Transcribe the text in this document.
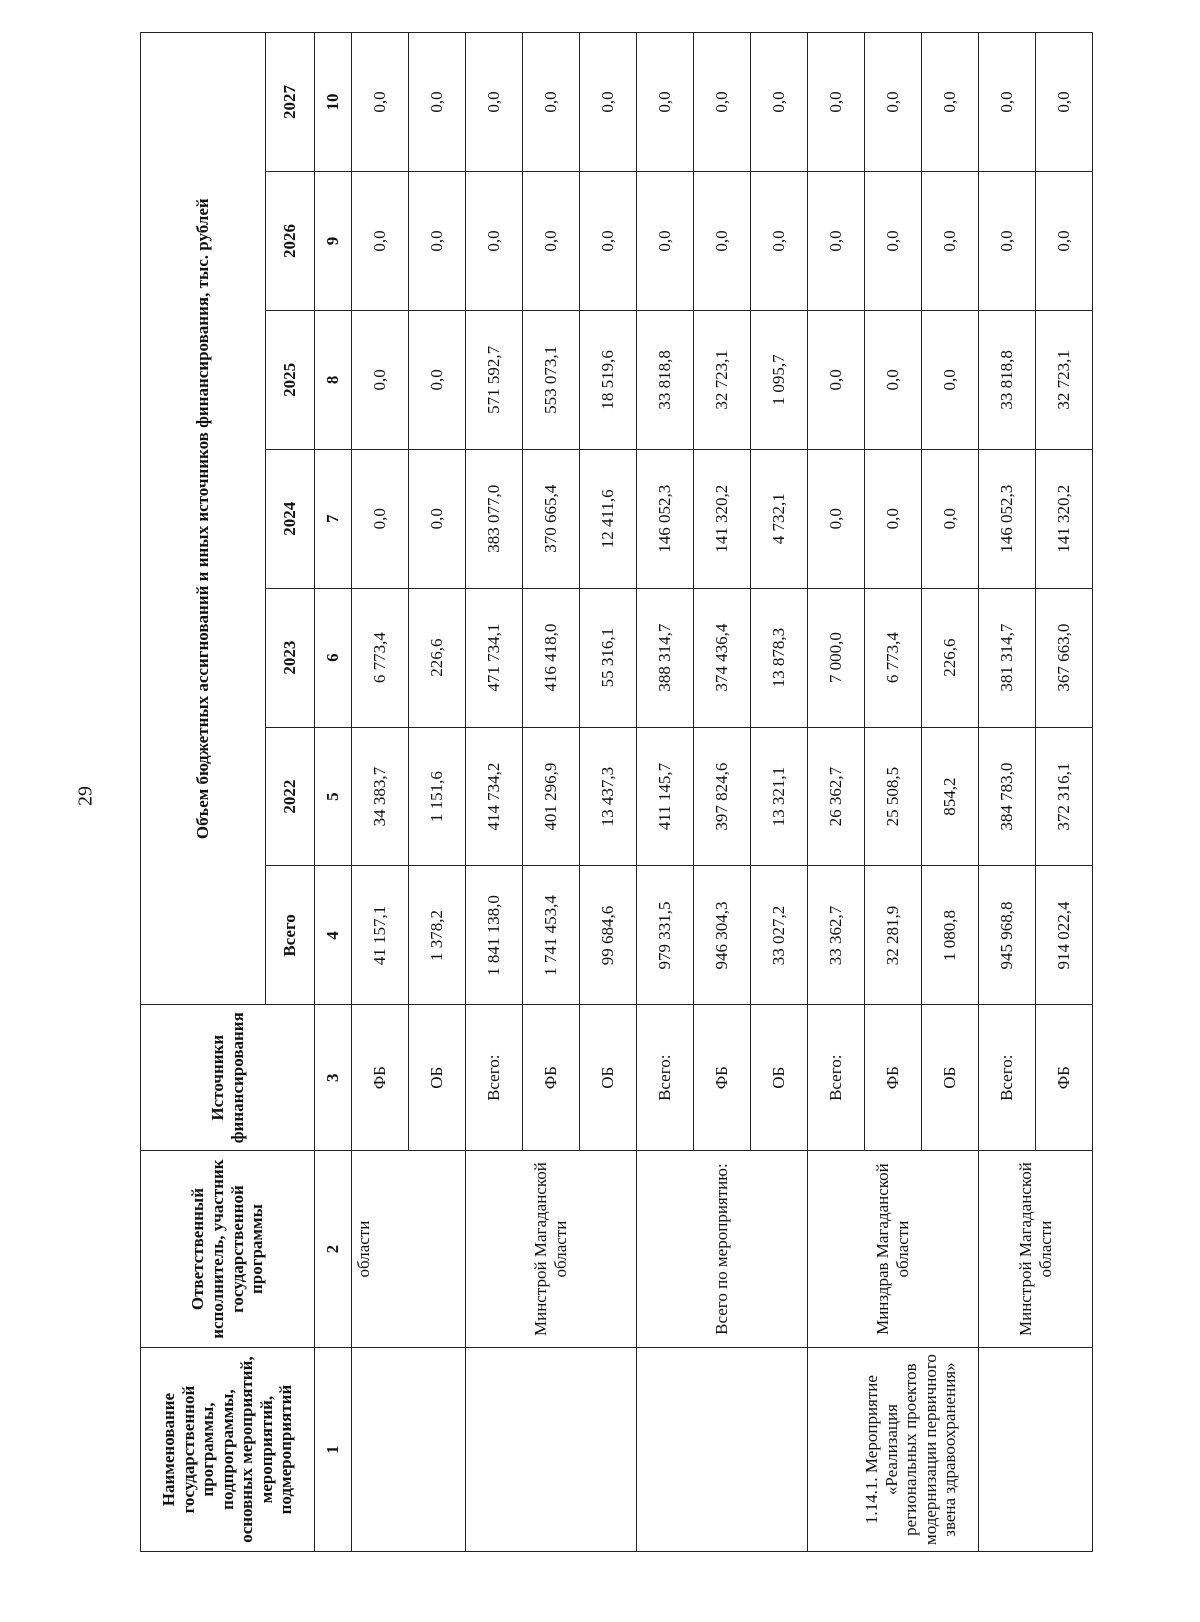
29
Наименование государственной программы, подпрограммы, основных мероприятий, мероприятий, подмероприятий	Ответственный исполнитель, участник государственной программы	Источники финансирования	Объем бюджетных ассигнований и иных источников финансирования, тыс. рублей						
			Всего	2022	2023	2024	2025	2026	2027
1	2	3	4	5	6	7	8	9	10
	области	ФБ	41 157,1	34 383,7	6 773,4	0,0	0,0	0,0	0,0
		ОБ	1 378,2	1 151,6	226,6	0,0	0,0	0,0	0,0
	Минстрой Магаданской области	Всего:	1 841 138,0	414 734,2	471 734,1	383 077,0	571 592,7	0,0	0,0
		ФБ	1 741 453,4	401 296,9	416 418,0	370 665,4	553 073,1	0,0	0,0
		ОБ	99 684,6	13 437,3	55 316,1	12 411,6	18 519,6	0,0	0,0
	Всего по мероприятию:	Всего:	979 331,5	411 145,7	388 314,7	146 052,3	33 818,8	0,0	0,0
		ФБ	946 304,3	397 824,6	374 436,4	141 320,2	32 723,1	0,0	0,0
		ОБ	33 027,2	13 321,1	13 878,3	4 732,1	1 095,7	0,0	0,0
1.14.1. Мероприятие «Реализация региональных проектов модернизации первичного звена здравоохранения»	Минздрав Магаданской области	Всего:	33 362,7	26 362,7	7 000,0	0,0	0,0	0,0	0,0
		ФБ	32 281,9	25 508,5	6 773,4	0,0	0,0	0,0	0,0
		ОБ	1 080,8	854,2	226,6	0,0	0,0	0,0	0,0
	Минстрой Магаданской области	Всего:	945 968,8	384 783,0	381 314,7	146 052,3	33 818,8	0,0	0,0
		ФБ	914 022,4	372 316,1	367 663,0	141 320,2	32 723,1	0,0	0,0
